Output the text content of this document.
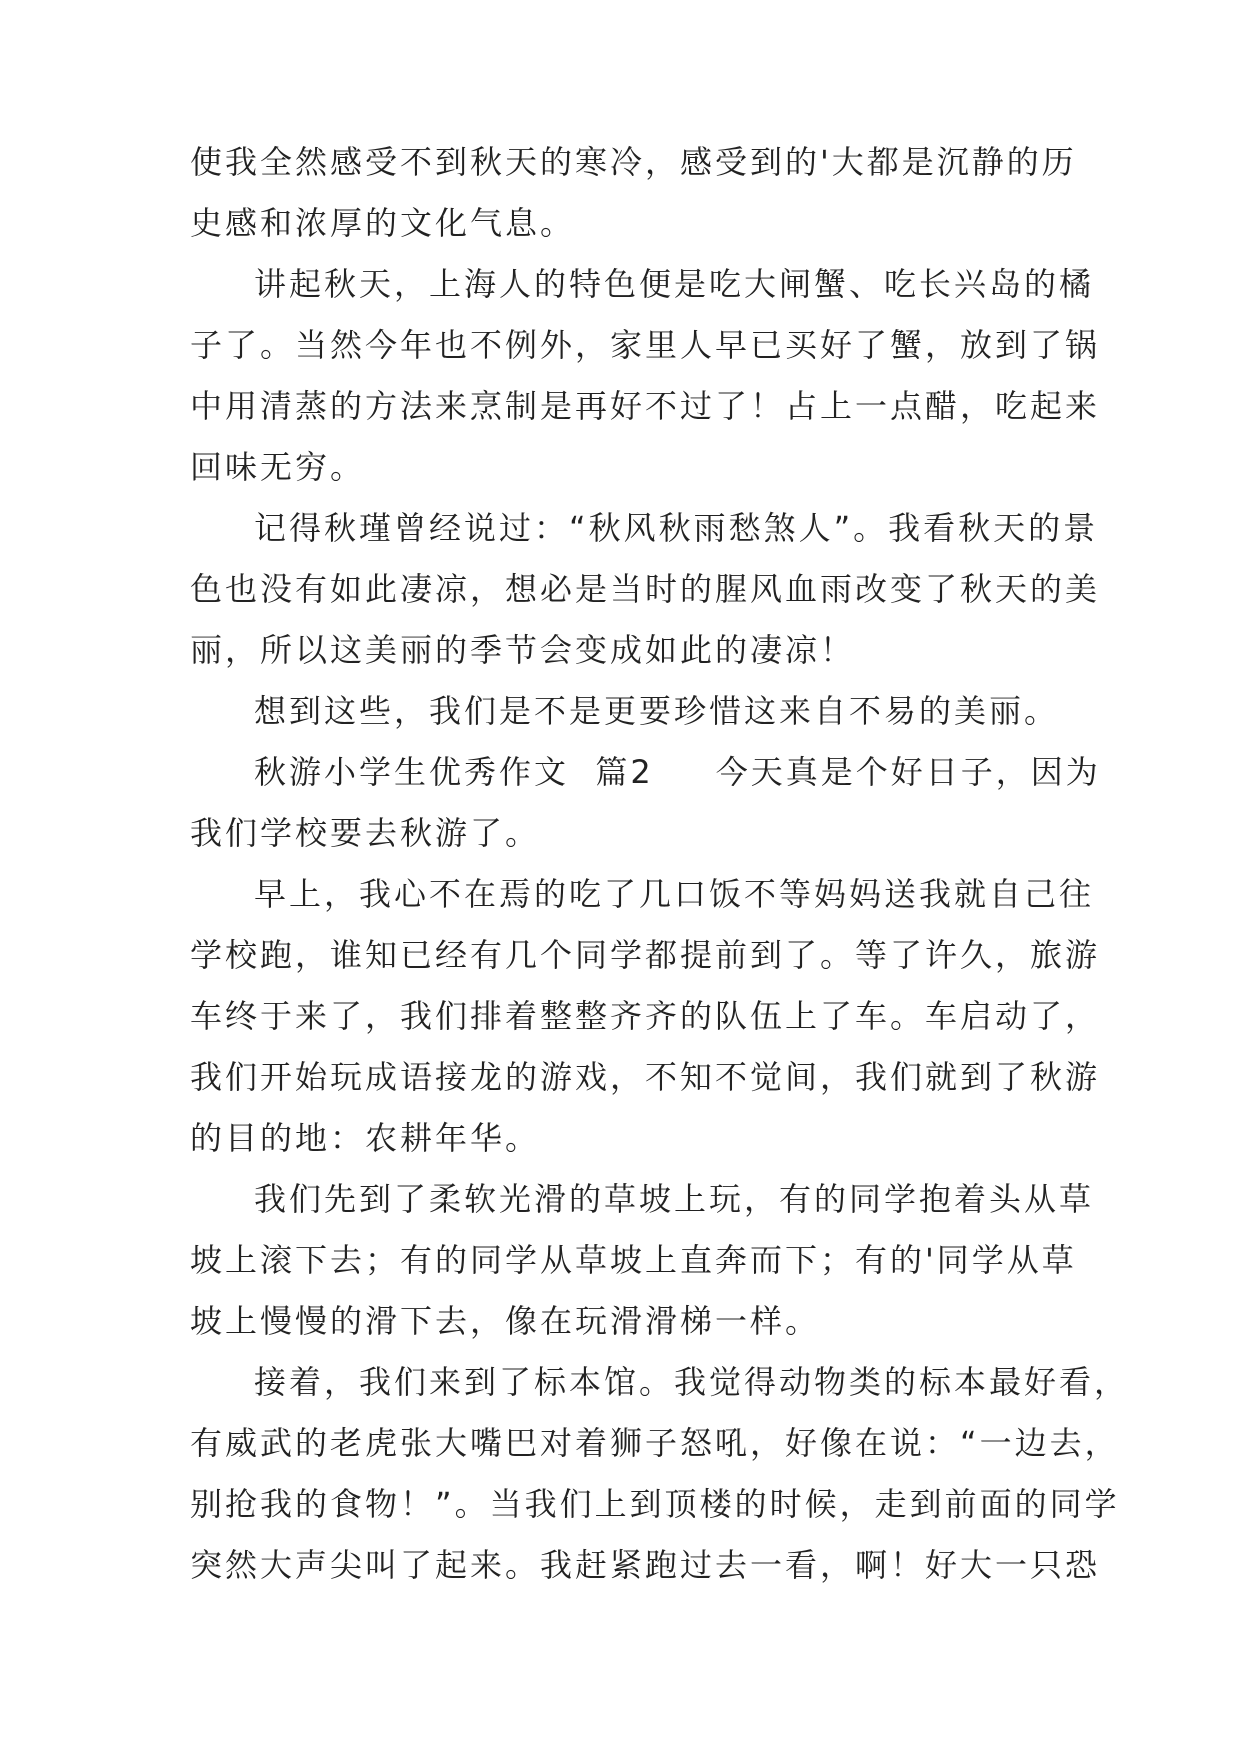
使我全然感受不到秋天的寒冷，感受到的'大都是沉静的历
史感和浓厚的文化气息。

讲起秋天，上海人的特色便是吃大闸蟹、吃长兴岛的橘
子了。当然今年也不例外，家里人早已买好了蟹，放到了锅
中用清蒸的方法来烹制是再好不过了！占上一点醋，吃起来
回味无穷。

记得秋瑾曾经说过：“秋风秋雨愁煞人”。我看秋天的景
色也没有如此凄凉，想必是当时的腥风血雨改变了秋天的美
丽，所以这美丽的季节会变成如此的凄凉！

想到这些，我们是不是更要珍惜这来自不易的美丽。

秋游小学生优秀作文  篇2 今天真是个好日子，因为
我们学校要去秋游了。

早上，我心不在焉的吃了几口饭不等妈妈送我就自己往
学校跑，谁知已经有几个同学都提前到了。等了许久，旅游
车终于来了，我们排着整整齐齐的队伍上了车。车启动了，
我们开始玩成语接龙的游戏，不知不觉间，我们就到了秋游
的目的地：农耕年华。

我们先到了柔软光滑的草坡上玩，有的同学抱着头从草
坡上滚下去；有的同学从草坡上直奔而下；有的'同学从草
坡上慢慢的滑下去，像在玩滑滑梯一样。

接着，我们来到了标本馆。我觉得动物类的标本最好看，
有威武的老虎张大嘴巴对着狮子怒吼，好像在说：“一边去，
别抢我的食物！”。当我们上到顶楼的时候，走到前面的同学
突然大声尖叫了起来。我赶紧跑过去一看，啊！好大一只恐
